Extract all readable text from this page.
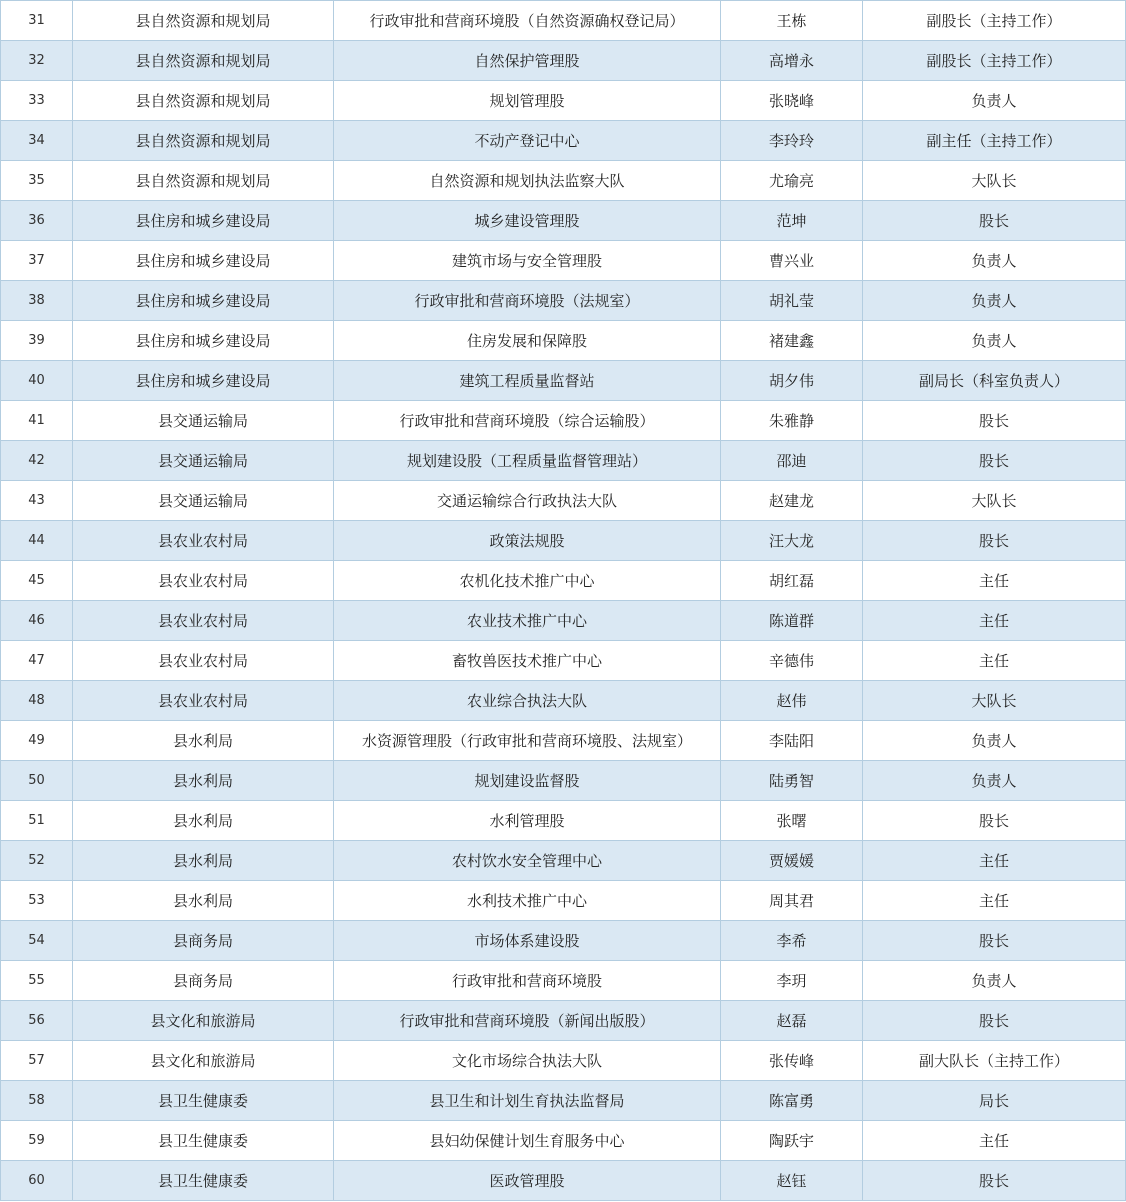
31	县自然资源和规划局	行政审批和营商环境股（自然资源确权登记局）	王栋	副股长（主持工作）
32	县自然资源和规划局	自然保护管理股	高增永	副股长（主持工作）
33	县自然资源和规划局	规划管理股	张晓峰	负责人
34	县自然资源和规划局	不动产登记中心	李玲玲	副主任（主持工作）
35	县自然资源和规划局	自然资源和规划执法监察大队	尤瑜亮	大队长
36	县住房和城乡建设局	城乡建设管理股	范坤	股长
37	县住房和城乡建设局	建筑市场与安全管理股	曹兴业	负责人
38	县住房和城乡建设局	行政审批和营商环境股（法规室）	胡礼莹	负责人
39	县住房和城乡建设局	住房发展和保障股	褚建鑫	负责人
40	县住房和城乡建设局	建筑工程质量监督站	胡夕伟	副局长（科室负责人）
41	县交通运输局	行政审批和营商环境股（综合运输股）	朱雅静	股长
42	县交通运输局	规划建设股（工程质量监督管理站）	邵迪	股长
43	县交通运输局	交通运输综合行政执法大队	赵建龙	大队长
44	县农业农村局	政策法规股	汪大龙	股长
45	县农业农村局	农机化技术推广中心	胡红磊	主任
46	县农业农村局	农业技术推广中心	陈道群	主任
47	县农业农村局	畜牧兽医技术推广中心	辛德伟	主任
48	县农业农村局	农业综合执法大队	赵伟	大队长
49	县水利局	水资源管理股（行政审批和营商环境股、法规室）	李陆阳	负责人
50	县水利局	规划建设监督股	陆勇智	负责人
51	县水利局	水利管理股	张曙	股长
52	县水利局	农村饮水安全管理中心	贾媛媛	主任
53	县水利局	水利技术推广中心	周其君	主任
54	县商务局	市场体系建设股	李希	股长
55	县商务局	行政审批和营商环境股	李玥	负责人
56	县文化和旅游局	行政审批和营商环境股（新闻出版股）	赵磊	股长
57	县文化和旅游局	文化市场综合执法大队	张传峰	副大队长（主持工作）
58	县卫生健康委	县卫生和计划生育执法监督局	陈富勇	局长
59	县卫生健康委	县妇幼保健计划生育服务中心	陶跃宇	主任
60	县卫生健康委	医政管理股	赵钰	股长
